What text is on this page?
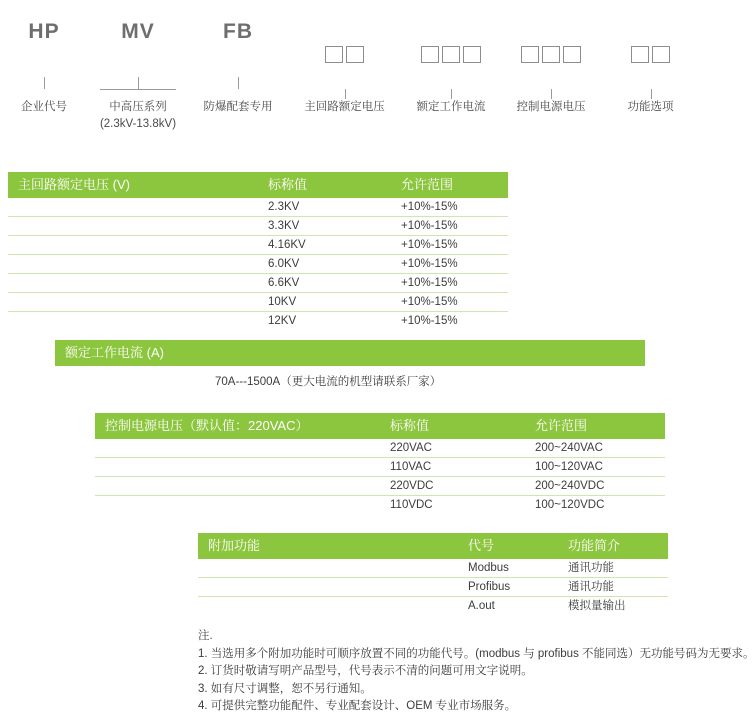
HP
企业代号
MV
中高压系列
(2.3kV-13.8kV)
FB
防爆配套专用	主回路额定电压	额定工作电流	控制电源电压	功能选项
主回路额定电压 (V)	标称值	允许范围
2.3KV	+10%-15%
3.3KV	+10%-15%
4.16KV	+10%-15%
6.0KV	+10%-15%
6.6KV	+10%-15%
10KV	+10%-15%
12KV	+10%-15%
额定工作电流 (A)
70A---1500A（更大电流的机型请联系厂家）
控制电源电压（默认值：220VAC）	标称值	允许范围
220VAC	200~240VAC
110VAC	100~120VAC
220VDC	200~240VDC
110VDC	100~120VDC
附加功能	代号	功能简介
Modbus	通讯功能
Profibus	通讯功能
A.out	模拟量输出
注.
1. 当选用多个附加功能时可顺序放置不同的功能代号。(modbus 与 profibus 不能同选）无功能号码为无要求。
2. 订货时敬请写明产品型号，代号表示不清的问题可用文字说明。
3. 如有尺寸调整，恕不另行通知。
4. 可提供完整功能配件、专业配套设计、OEM 专业市场服务。
